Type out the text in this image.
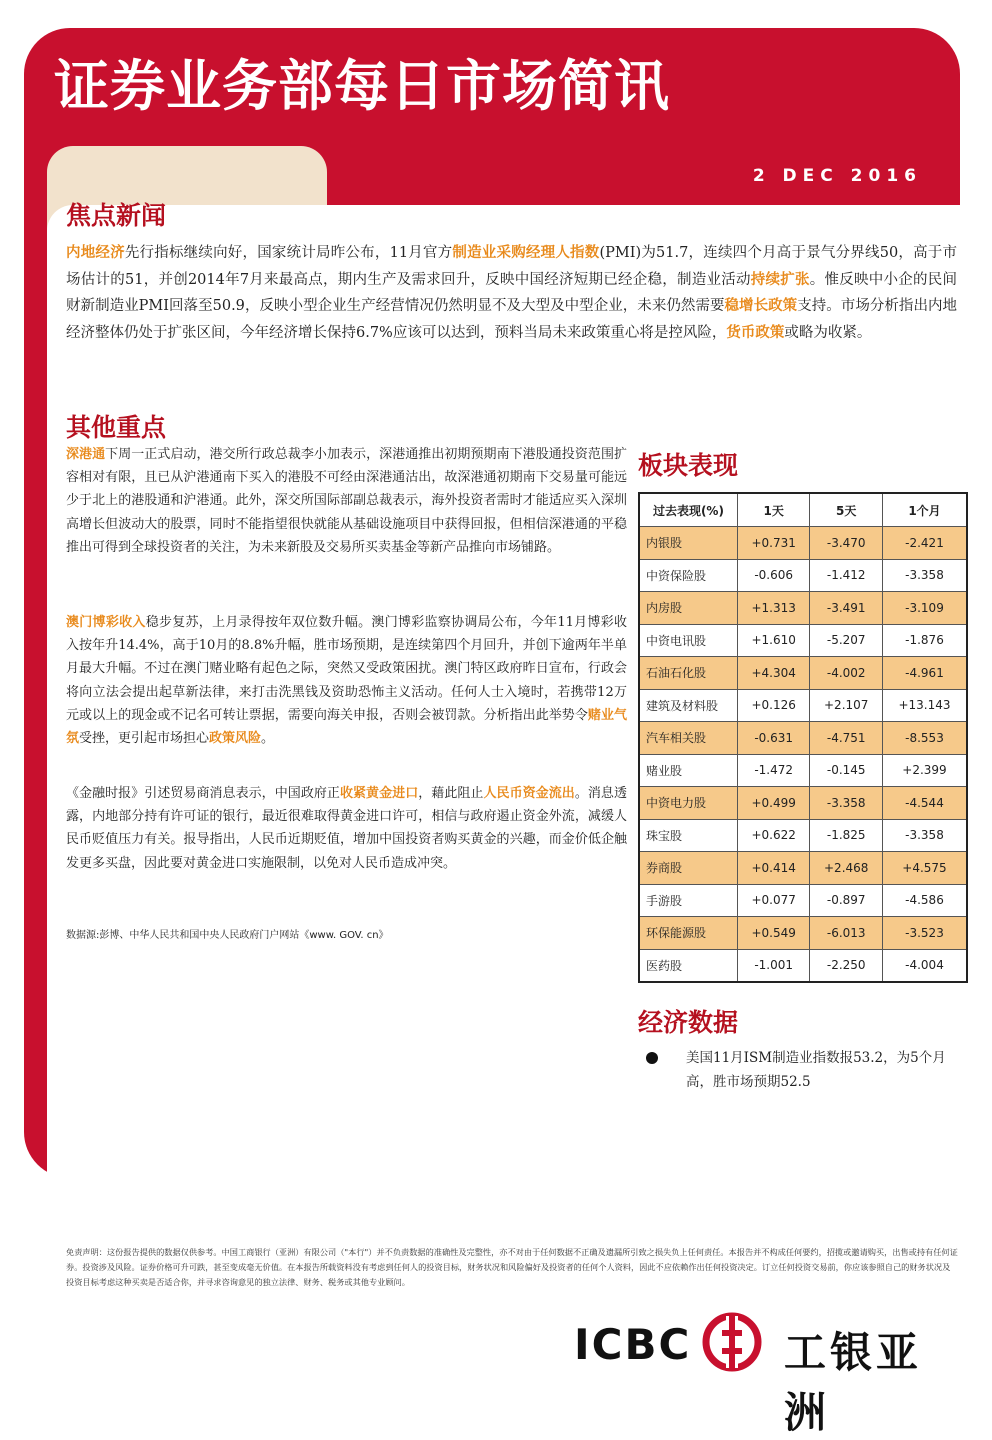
证券业务部每日市场简讯
2 DEC 2016
焦点新闻

内地经济先行指标继续向好，国家统计局昨公布，11月官方制造业采购经理人指数(PMI)为51.7，连续四个月高于景气分界线50，高于市场估计的51，并创2014年7月来最高点，期内生产及需求回升，反映中国经济短期已经企稳，制造业活动持续扩张。惟反映中小企的民间财新制造业PMI回落至50.9，反映小型企业生产经营情况仍然明显不及大型及中型企业，未来仍然需要稳增长政策支持。市场分析指出内地经济整体仍处于扩张区间，今年经济增长保持6.7%应该可以达到，预料当局未来政策重心将是控风险，货币政策或略为收紧。

其他重点

深港通下周一正式启动，港交所行政总裁李小加表示，深港通推出初期预期南下港股通投资范围扩容相对有限，且已从沪港通南下买入的港股不可经由深港通沽出，故深港通初期南下交易量可能远少于北上的港股通和沪港通。此外，深交所国际部副总裁表示，海外投资者需时才能适应买入深圳高增长但波动大的股票，同时不能指望很快就能从基础设施项目中获得回报，但相信深港通的平稳推出可得到全球投资者的关注，为未来新股及交易所买卖基金等新产品推向市场铺路。

澳门博彩收入稳步复苏，上月录得按年双位数升幅。澳门博彩监察协调局公布，今年11月博彩收入按年升14.4%，高于10月的8.8%升幅，胜市场预期，是连续第四个月回升，并创下逾两年半单月最大升幅。不过在澳门赌业略有起色之际，突然又受政策困扰。澳门特区政府昨日宣布，行政会将向立法会提出起草新法律，来打击洗黑钱及资助恐怖主义活动。任何人士入境时，若携带12万元或以上的现金或不记名可转让票据，需要向海关申报，否则会被罚款。分析指出此举势令赌业气氛受挫，更引起市场担心政策风险。

《金融时报》引述贸易商消息表示，中国政府正收紧黄金进口，藉此阻止人民币资金流出。消息透露，内地部分持有许可证的银行，最近很难取得黄金进口许可，相信与政府遏止资金外流，减缓人民币贬值压力有关。报导指出，人民币近期贬值，增加中国投资者购买黄金的兴趣，而金价低企触发更多买盘，因此要对黄金进口实施限制，以免对人民币造成冲突。

数据源:彭博、中华人民共和国中央人民政府门户网站《www. GOV. cn》
板块表现
过去表现(%)	1天	5天	1个月
内银股	+0.731	-3.470	-2.421
中资保险股	-0.606	-1.412	-3.358
内房股	+1.313	-3.491	-3.109
中资电讯股	+1.610	-5.207	-1.876
石油石化股	+4.304	-4.002	-4.961
建筑及材料股	+0.126	+2.107	+13.143
汽车相关股	-0.631	-4.751	-8.553
赌业股	-1.472	-0.145	+2.399
中资电力股	+0.499	-3.358	-4.544
珠宝股	+0.622	-1.825	-3.358
券商股	+0.414	+2.468	+4.575
手游股	+0.077	-0.897	-4.586
环保能源股	+0.549	-6.013	-3.523
医药股	-1.001	-2.250	-4.004
经济数据
美国11月ISM制造业指数报53.2，为5个月高，胜市场预期52.5
免责声明：这份报告提供的数据仅供参考。中国工商银行（亚洲）有限公司（"本行"）并不负责数据的准确性及完整性，亦不对由于任何数据不正确及遗漏所引致之损失负上任何责任。本报告并不构成任何要约，招揽或邀请购买，出售或持有任何证券。投资涉及风险。证券价格可升可跌，甚至变成毫无价值。在本报告所载资料没有考虑到任何人的投资目标，财务状况和风险偏好及投资者的任何个人资料，因此不应依赖作出任何投资决定。订立任何投资交易前，你应该参照自己的财务状况及投资目标考虑这种买卖是否适合你，并寻求咨询意见的独立法律、财务、税务或其他专业顾问。
ICBC 工银亚洲
